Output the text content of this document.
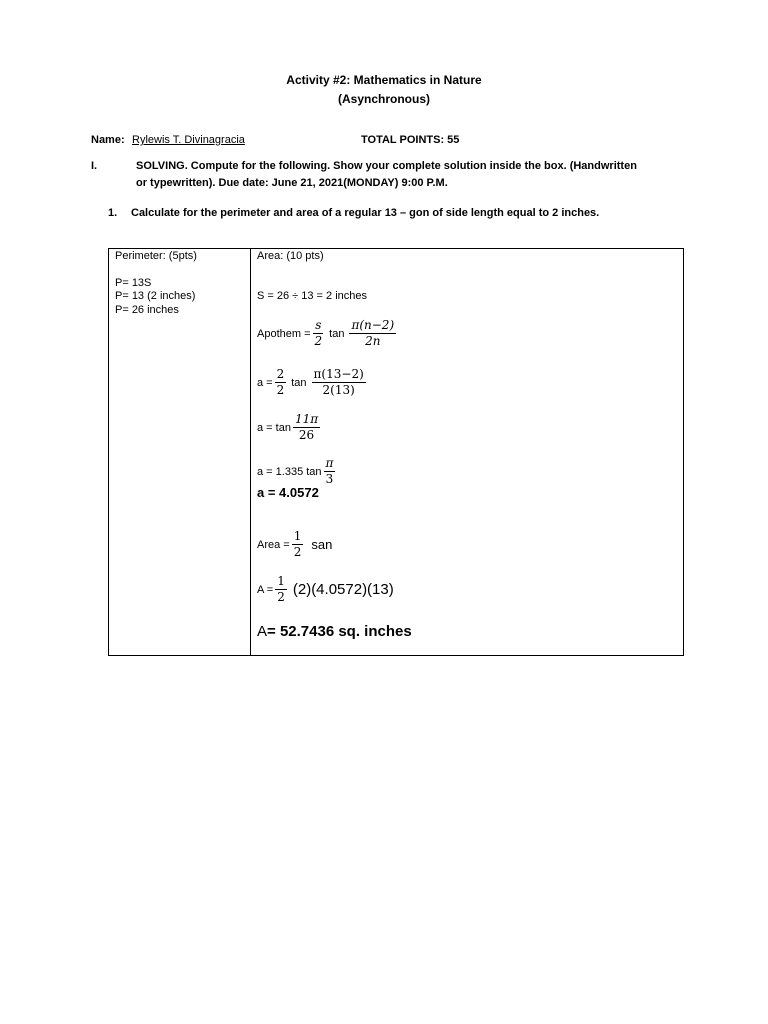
Activity #2: Mathematics in Nature
(Asynchronous)
Name: Rylewis T. Divinagracia	TOTAL POINTS: 55
I.	SOLVING. Compute for the following. Show your complete solution inside the box. (Handwritten
or typewritten). Due date: June 21, 2021(MONDAY) 9:00 P.M.
1. Calculate for the perimeter and area of a regular 13 – gon of side length equal to 2 inches.
Perimeter: (5pts)
P= 13S
P= 13 (2 inches)
P= 26 inches
Area: (10 pts)
S = 26 ÷ 13 = 2 inches
Apothem = $\frac{s}{2}$ $\tan \frac{\pi(n-2)}{2n}$
$a = \frac{2}{2}$ $\tan \frac{\pi(13-2)}{2(13)}$
$a = \tan \frac{11\pi}{26}$
a = 1.335 $\tan \frac{\pi}{3}$
a = 4.0572
Area = $\frac{1}{2}$ san
$A = \frac{1}{2} (2)(4.0572)(13)$
A= 52.7436 sq. inches
